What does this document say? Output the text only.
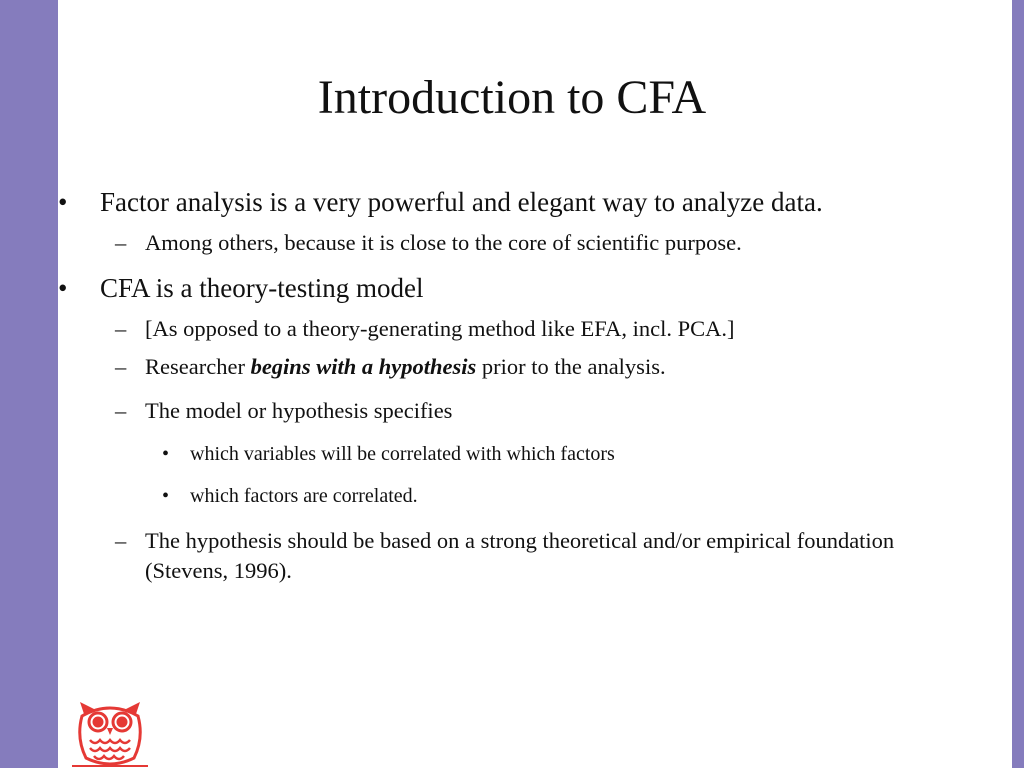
Introduction to CFA
• Factor analysis is a very powerful and elegant way to analyze data.
– Among others, because it is close to the core of scientific purpose.
• CFA is a theory-testing model
– [As opposed to a theory-generating method like EFA, incl. PCA.]
– Researcher begins with a hypothesis prior to the analysis.
– The model or hypothesis specifies
• which variables will be correlated with which factors
• which factors are correlated.
– The hypothesis should be based on a strong theoretical and/or empirical foundation (Stevens, 1996).
